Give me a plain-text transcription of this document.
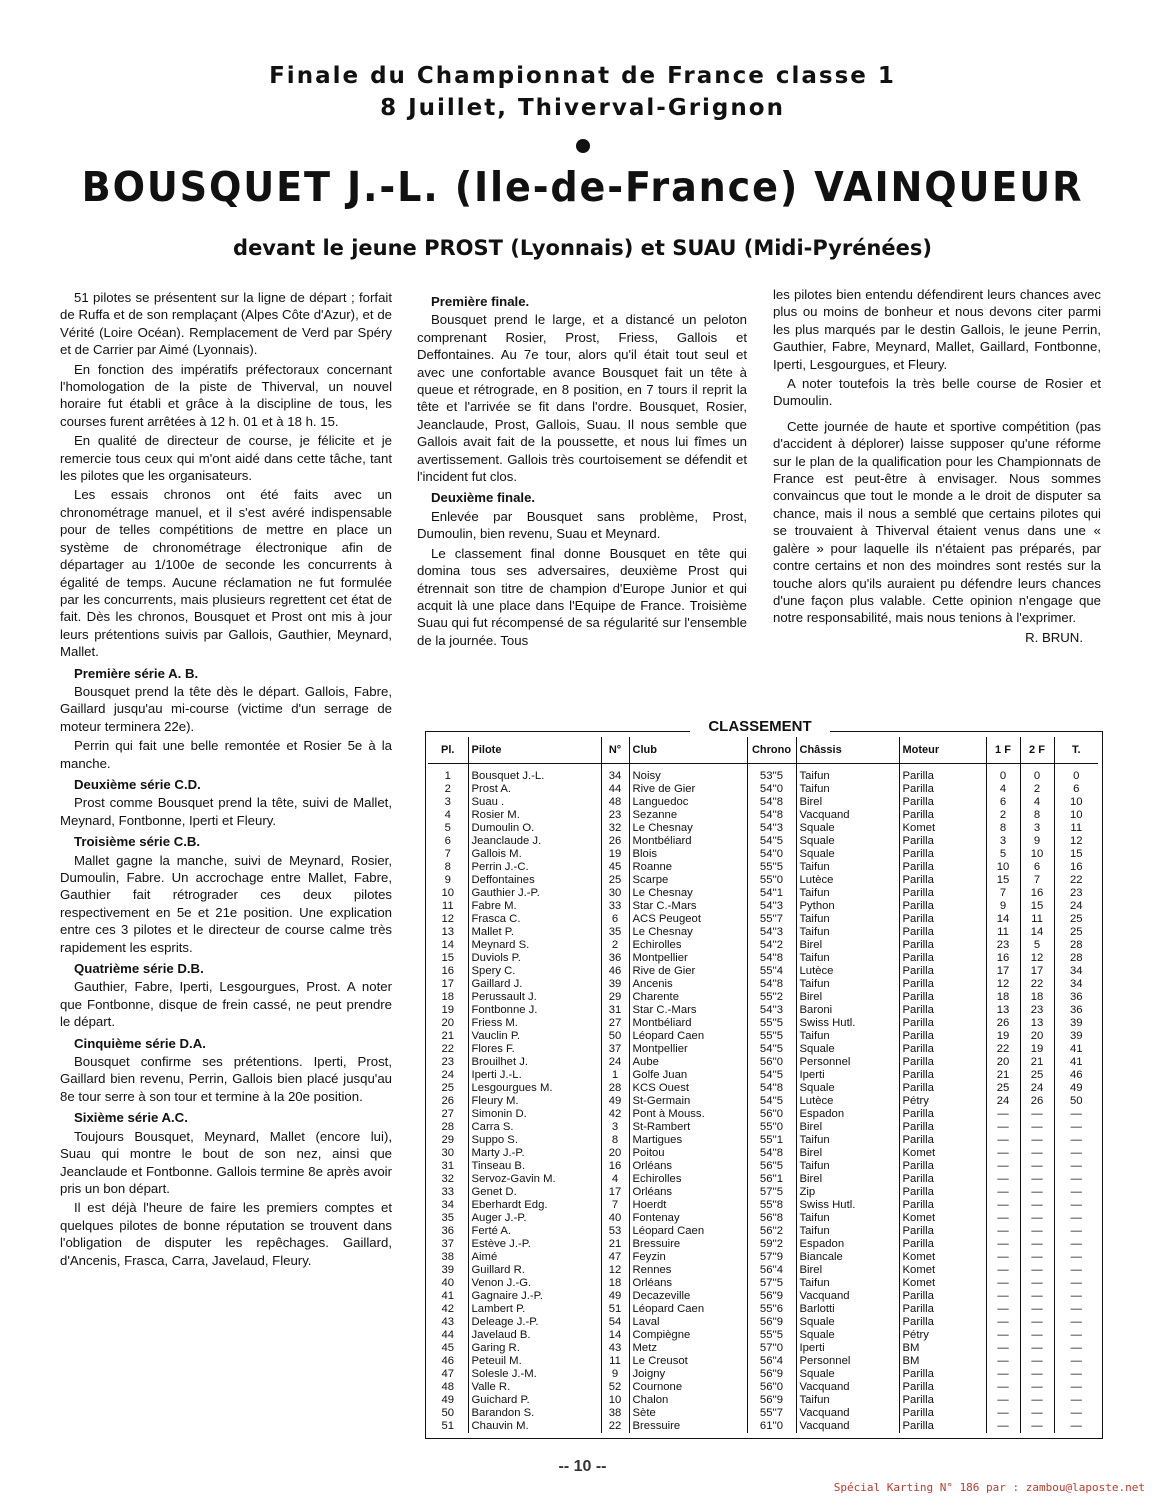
Finale du Championnat de France classe 1
8 Juillet, Thiverval-Grignon
BOUSQUET J.-L. (Ile-de-France) VAINQUEUR
devant le jeune PROST (Lyonnais) et SUAU (Midi-Pyrénées)

51 pilotes se présentent sur la ligne de départ ; forfait de Ruffa et de son remplaçant (Alpes Côte d'Azur), et de Vérité (Loire Océan). Remplacement de Verd par Spéry et de Carrier par Aimé (Lyonnais).

En fonction des impératifs préfectoraux concernant l'homologation de la piste de Thiverval, un nouvel horaire fut établi et grâce à la discipline de tous, les courses furent arrêtées à 12 h. 01 et à 18 h. 15.

En qualité de directeur de course, je félicite et je remercie tous ceux qui m'ont aidé dans cette tâche, tant les pilotes que les organisateurs.

Les essais chronos ont été faits avec un chronométrage manuel, et il s'est avéré indispensable pour de telles compétitions de mettre en place un système de chronométrage électronique afin de départager au 1/100e de seconde les concurrents à égalité de temps. Aucune réclamation ne fut formulée par les concurrents, mais plusieurs regrettent cet état de fait. Dès les chronos, Bousquet et Prost ont mis à jour leurs prétentions suivis par Gallois, Gauthier, Meynard, Mallet.

Première série A. B.

Bousquet prend la tête dès le départ. Gallois, Fabre, Gaillard jusqu'au mi-course (victime d'un serrage de moteur terminera 22e).

Perrin qui fait une belle remontée et Rosier 5e à la manche.

Deuxième série C.D.

Prost comme Bousquet prend la tête, suivi de Mallet, Meynard, Fontbonne, Iperti et Fleury.

Troisième série C.B.

Mallet gagne la manche, suivi de Meynard, Rosier, Dumoulin, Fabre. Un accrochage entre Mallet, Fabre, Gauthier fait rétrograder ces deux pilotes respectivement en 5e et 21e position. Une explication entre ces 3 pilotes et le directeur de course calme très rapidement les esprits.

Quatrième série D.B.

Gauthier, Fabre, Iperti, Lesgourgues, Prost. A noter que Fontbonne, disque de frein cassé, ne peut prendre le départ.

Cinquième série D.A.

Bousquet confirme ses prétentions. Iperti, Prost, Gaillard bien revenu, Perrin, Gallois bien placé jusqu'au 8e tour serre à son tour et termine à la 20e position.

Sixième série A.C.

Toujours Bousquet, Meynard, Mallet (encore lui), Suau qui montre le bout de son nez, ainsi que Jeanclaude et Fontbonne. Gallois termine 8e après avoir pris un bon départ.

Il est déjà l'heure de faire les premiers comptes et quelques pilotes de bonne réputation se trouvent dans l'obligation de disputer les repêchages. Gaillard, d'Ancenis, Frasca, Carra, Javelaud, Fleury.

Première finale.

Bousquet prend le large, et a distancé un peloton comprenant Rosier, Prost, Friess, Gallois et Deffontaines. Au 7e tour, alors qu'il était tout seul et avec une confortable avance Bousquet fait un tête à queue et rétrograde, en 8 position, en 7 tours il reprit la tête et l'arrivée se fit dans l'ordre. Bousquet, Rosier, Jeanclaude, Prost, Gallois, Suau. Il nous semble que Gallois avait fait de la poussette, et nous lui fîmes un avertissement. Gallois très courtoisement se défendit et l'incident fut clos.

Deuxième finale.

Enlevée par Bousquet sans problème, Prost, Dumoulin, bien revenu, Suau et Meynard.

Le classement final donne Bousquet en tête qui domina tous ses adversaires, deuxième Prost qui étrennait son titre de champion d'Europe Junior et qui acquit là une place dans l'Equipe de France. Troisième Suau qui fut récompensé de sa régularité sur l'ensemble de la journée. Tous

les pilotes bien entendu défendirent leurs chances avec plus ou moins de bonheur et nous devons citer parmi les plus marqués par le destin Gallois, le jeune Perrin, Gauthier, Fabre, Meynard, Mallet, Gaillard, Fontbonne, Iperti, Lesgourgues, et Fleury.

A noter toutefois la très belle course de Rosier et Dumoulin.

Cette journée de haute et sportive compétition (pas d'accident à déplorer) laisse supposer qu'une réforme sur le plan de la qualification pour les Championnats de France est peut-être à envisager. Nous sommes convaincus que tout le monde a le droit de disputer sa chance, mais il nous a semblé que certains pilotes qui se trouvaient à Thiverval étaient venus dans une « galère » pour laquelle ils n'étaient pas préparés, par contre certains et non des moindres sont restés sur la touche alors qu'ils auraient pu défendre leurs chances d'une façon plus valable. Cette opinion n'engage que notre responsabilité, mais nous tenions à l'exprimer.

R. BRUN.
CLASSEMENT
Pl.	Pilote	N°	Club	Chrono	Châssis	Moteur	1 F	2 F	T.
1	Bousquet J.-L.	34	Noisy	53''5	Taifun	Parilla	0	0	0
2	Prost A.	44	Rive de Gier	54''0	Taifun	Parilla	4	2	6
3	Suau .	48	Languedoc	54''8	Birel	Parilla	6	4	10
4	Rosier M.	23	Sezanne	54''8	Vacquand	Parilla	2	8	10
5	Dumoulin O.	32	Le Chesnay	54''3	Squale	Komet	8	3	11
6	Jeanclaude J.	26	Montbéliard	54''5	Squale	Parilla	3	9	12
7	Gallois M.	19	Blois	54''0	Squale	Parilla	5	10	15
8	Perrin J.-C.	45	Roanne	55''5	Taifun	Parilla	10	6	16
9	Deffontaines	25	Scarpe	55''0	Lutèce	Parilla	15	7	22
10	Gauthier J.-P.	30	Le Chesnay	54''1	Taifun	Parilla	7	16	23
11	Fabre M.	33	Star C.-Mars	54''3	Python	Parilla	9	15	24
12	Frasca C.	6	ACS Peugeot	55''7	Taifun	Parilla	14	11	25
13	Mallet P.	35	Le Chesnay	54''3	Taifun	Parilla	11	14	25
14	Meynard S.	2	Echirolles	54''2	Birel	Parilla	23	5	28
15	Duviols P.	36	Montpellier	54''8	Taifun	Parilla	16	12	28
16	Spery C.	46	Rive de Gier	55''4	Lutèce	Parilla	17	17	34
17	Gaillard J.	39	Ancenis	54''8	Taifun	Parilla	12	22	34
18	Perussault J.	29	Charente	55''2	Birel	Parilla	18	18	36
19	Fontbonne J.	31	Star C.-Mars	54''3	Baroni	Parilla	13	23	36
20	Friess M.	27	Montbéliard	55''5	Swiss Hutl.	Parilla	26	13	39
21	Vauclin P.	50	Léopard Caen	55''5	Taifun	Parilla	19	20	39
22	Flores F.	37	Montpellier	54''5	Squale	Parilla	22	19	41
23	Brouilhet J.	24	Aube	56''0	Personnel	Parilla	20	21	41
24	Iperti J.-L.	1	Golfe Juan	54''5	Iperti	Parilla	21	25	46
25	Lesgourgues M.	28	KCS Ouest	54''8	Squale	Parilla	25	24	49
26	Fleury M.	49	St-Germain	54''5	Lutèce	Pétry	24	26	50
27	Simonin D.	42	Pont à Mouss.	56''0	Espadon	Parilla	—	—	—
28	Carra S.	3	St-Rambert	55''0	Birel	Parilla	—	—	—
29	Suppo S.	8	Martigues	55''1	Taifun	Parilla	—	—	—
30	Marty J.-P.	20	Poitou	54''8	Birel	Komet	—	—	—
31	Tinseau B.	16	Orléans	56''5	Taifun	Parilla	—	—	—
32	Servoz-Gavin M.	4	Echirolles	56''1	Birel	Parilla	—	—	—
33	Genet D.	17	Orléans	57''5	Zip	Parilla	—	—	—
34	Eberhardt Edg.	7	Hoerdt	55''8	Swiss Hutl.	Parilla	—	—	—
35	Auger J.-P.	40	Fontenay	56''8	Taifun	Komet	—	—	—
36	Ferté A.	53	Léopard Caen	56''2	Taifun	Parilla	—	—	—
37	Estève J.-P.	21	Bressuire	59''2	Espadon	Parilla	—	—	—
38	Aimé	47	Feyzin	57''9	Biancale	Komet	—	—	—
39	Guillard R.	12	Rennes	56''4	Birel	Komet	—	—	—
40	Venon J.-G.	18	Orléans	57''5	Taifun	Komet	—	—	—
41	Gagnaire J.-P.	49	Decazeville	56''9	Vacquand	Parilla	—	—	—
42	Lambert P.	51	Léopard Caen	55''6	Barlotti	Parilla	—	—	—
43	Deleage J.-P.	54	Laval	56''9	Squale	Parilla	—	—	—
44	Javelaud B.	14	Compiègne	55''5	Squale	Pétry	—	—	—
45	Garing R.	43	Metz	57''0	Iperti	BM	—	—	—
46	Peteuil M.	11	Le Creusot	56''4	Personnel	BM	—	—	—
47	Solesle J.-M.	9	Joigny	56''9	Squale	Parilla	—	—	—
48	Valle R.	52	Cournone	56''0	Vacquand	Parilla	—	—	—
49	Guichard P.	10	Chalon	56''9	Taifun	Parilla	—	—	—
50	Barandon S.	38	Sète	55''7	Vacquand	Parilla	—	—	—
51	Chauvin M.	22	Bressuire	61''0	Vacquand	Parilla	—	—	—
-- 10 --
Spécial Karting N° 186 par : zambou@laposte.net
